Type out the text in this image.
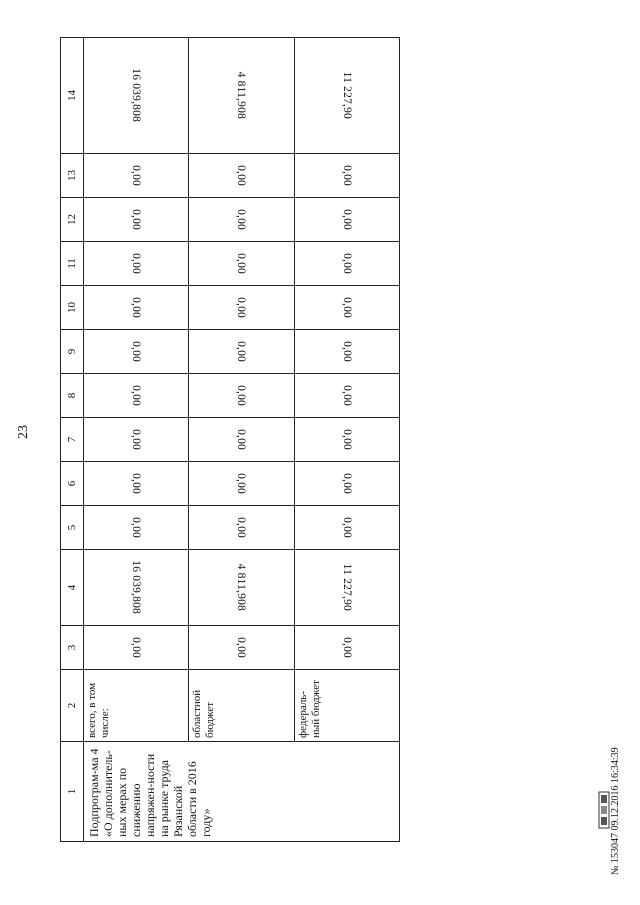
23
1	2	3	4	5	6	7	8	9	10	11	12	13	14
Подпрограм-ма 4 «О дополнитель-ных мерах по снижению напряжен-ности на рынке труда Рязанской области в 2016 году»	всего, в том числе:	0,00	16 039,808	0,00	0,00	0,00	0,00	0,00	0,00	0,00	0,00	0,00	16 039,808
	областной бюджет	0,00	4 811,908	0,00	0,00	0,00	0,00	0,00	0,00	0,00	0,00	0,00	4 811,908
	федераль-ный бюджет	0,00	11 227,90	0,00	0,00	0,00	0,00	0,00	0,00	0,00	0,00	0,00	11 227,90
№ 153047 09.12.2016 16:34:39
